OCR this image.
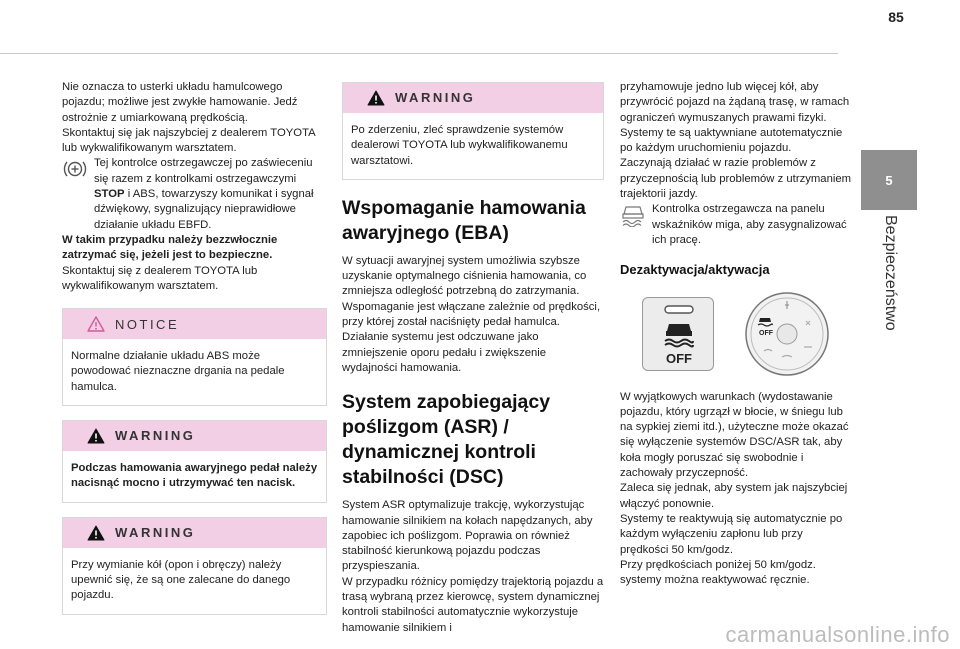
85
5
Bezpieczeństwo
Nie oznacza to usterki układu hamulcowego pojazdu; możliwe jest zwykłe hamowanie. Jedź ostrożnie z umiarkowaną prędkością.
Skontaktuj się jak najszybciej z dealerem TOYOTA lub wykwalifikowanym warsztatem.
Tej kontrolce ostrzegawczej po zaświeceniu się razem z kontrolkami ostrzegawczymi STOP i ABS, towarzyszy komunikat i sygnał dźwiękowy, sygnalizujący nieprawidłowe działanie układu EBFD.
W takim przypadku należy bezzwłocznie zatrzymać się, jeżeli jest to bezpieczne.
Skontaktuj się z dealerem TOYOTA lub wykwalifikowanym warsztatem.
NOTICE
Normalne działanie układu ABS może powodować nieznaczne drgania na pedale hamulca.
WARNING
Podczas hamowania awaryjnego pedał należy nacisnąć mocno i utrzymywać ten nacisk.
WARNING
Przy wymianie kół (opon i obręczy) należy upewnić się, że są one zalecane do danego pojazdu.
WARNING
Po zderzeniu, zleć sprawdzenie systemów dealerowi TOYOTA lub wykwalifikowanemu warsztatowi.
Wspomaganie hamowania awaryjnego (EBA)
W sytuacji awaryjnej system umożliwia szybsze uzyskanie optymalnego ciśnienia hamowania, co zmniejsza odległość potrzebną do zatrzymania.
Wspomaganie jest włączane zależnie od prędkości, przy której został naciśnięty pedał hamulca. Działanie systemu jest odczuwane jako zmniejszenie oporu pedału i zwiększenie wydajności hamowania.
System zapobiegający poślizgom (ASR) / dynamicznej kontroli stabilności (DSC)
System ASR optymalizuje trakcję, wykorzystując hamowanie silnikiem na kołach napędzanych, aby zapobiec ich poślizgom. Poprawia on również stabilność kierunkową pojazdu podczas przyspieszania.
W przypadku różnicy pomiędzy trajektorią pojazdu a trasą wybraną przez kierowcę, system dynamicznej kontroli stabilności automatycznie wykorzystuje hamowanie silnikiem i
przyhamowuje jedno lub więcej kół, aby przywrócić pojazd na żądaną trasę, w ramach ograniczeń wymuszanych prawami fizyki.
Systemy te są uaktywniane autotematycznie po każdym uruchomieniu pojazdu.
Zaczynają działać w razie problemów z przyczepnością lub problemów z utrzymaniem trajektorii jazdy.
Kontrolka ostrzegawcza na panelu wskaźników miga, aby zasygnalizować ich pracę.
Dezaktywacja/aktywacja
OFF
OFF
W wyjątkowych warunkach (wydostawanie pojazdu, który ugrzązł w błocie, w śniegu lub na sypkiej ziemi itd.), użyteczne może okazać się wyłączenie systemów DSC/ASR tak, aby koła mogły poruszać się swobodnie i zachowały przyczepność.
Zaleca się jednak, aby system jak najszybciej włączyć ponownie.
Systemy te reaktywują się automatycznie po każdym wyłączeniu zapłonu lub przy prędkości 50 km/godz.
Przy prędkościach poniżej 50 km/godz. systemy można reaktywować ręcznie.
carmanualsonline.info
